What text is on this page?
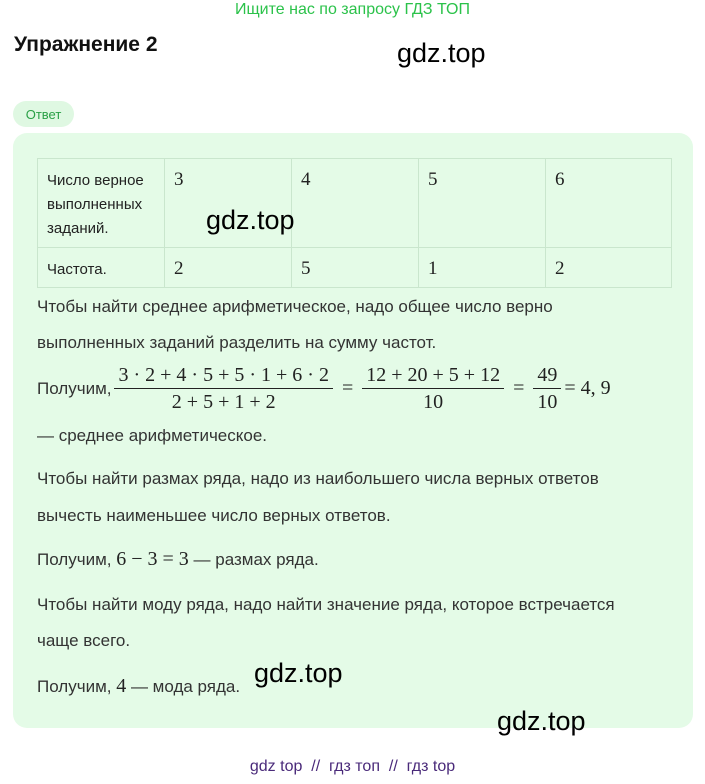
Ищите нас по запросу ГДЗ ТОП
Упражнение 2	gdz.top
Ответ
Число верное
выполненных
заданий.	3	4	5	6
Частота.	2	5	1	2
gdz.top
Чтобы найти среднее арифметическое, надо общее число верно
выполненных заданий разделить на сумму частот.
Получим, $\frac{3 \cdot 2 + 4 \cdot 5 + 5 \cdot 1 + 6 \cdot 2}{2 + 5 + 1 + 2} = \frac{12 + 20 + 5 + 12}{10} = \frac{49}{10} = 4$, 9
— среднее арифметическое.
Чтобы найти размах ряда, надо из наибольшего числа верных ответов
вычесть наименьшее число верных ответов.
Получим, 6 − 3 = 3 — размах ряда.
Чтобы найти моду ряда, надо найти значение ряда, которое встречается
чаще всего.
Получим, 4 — мода ряда. gdz.top
gdz.top
gdz top  //  гдз топ  //  гдз top
